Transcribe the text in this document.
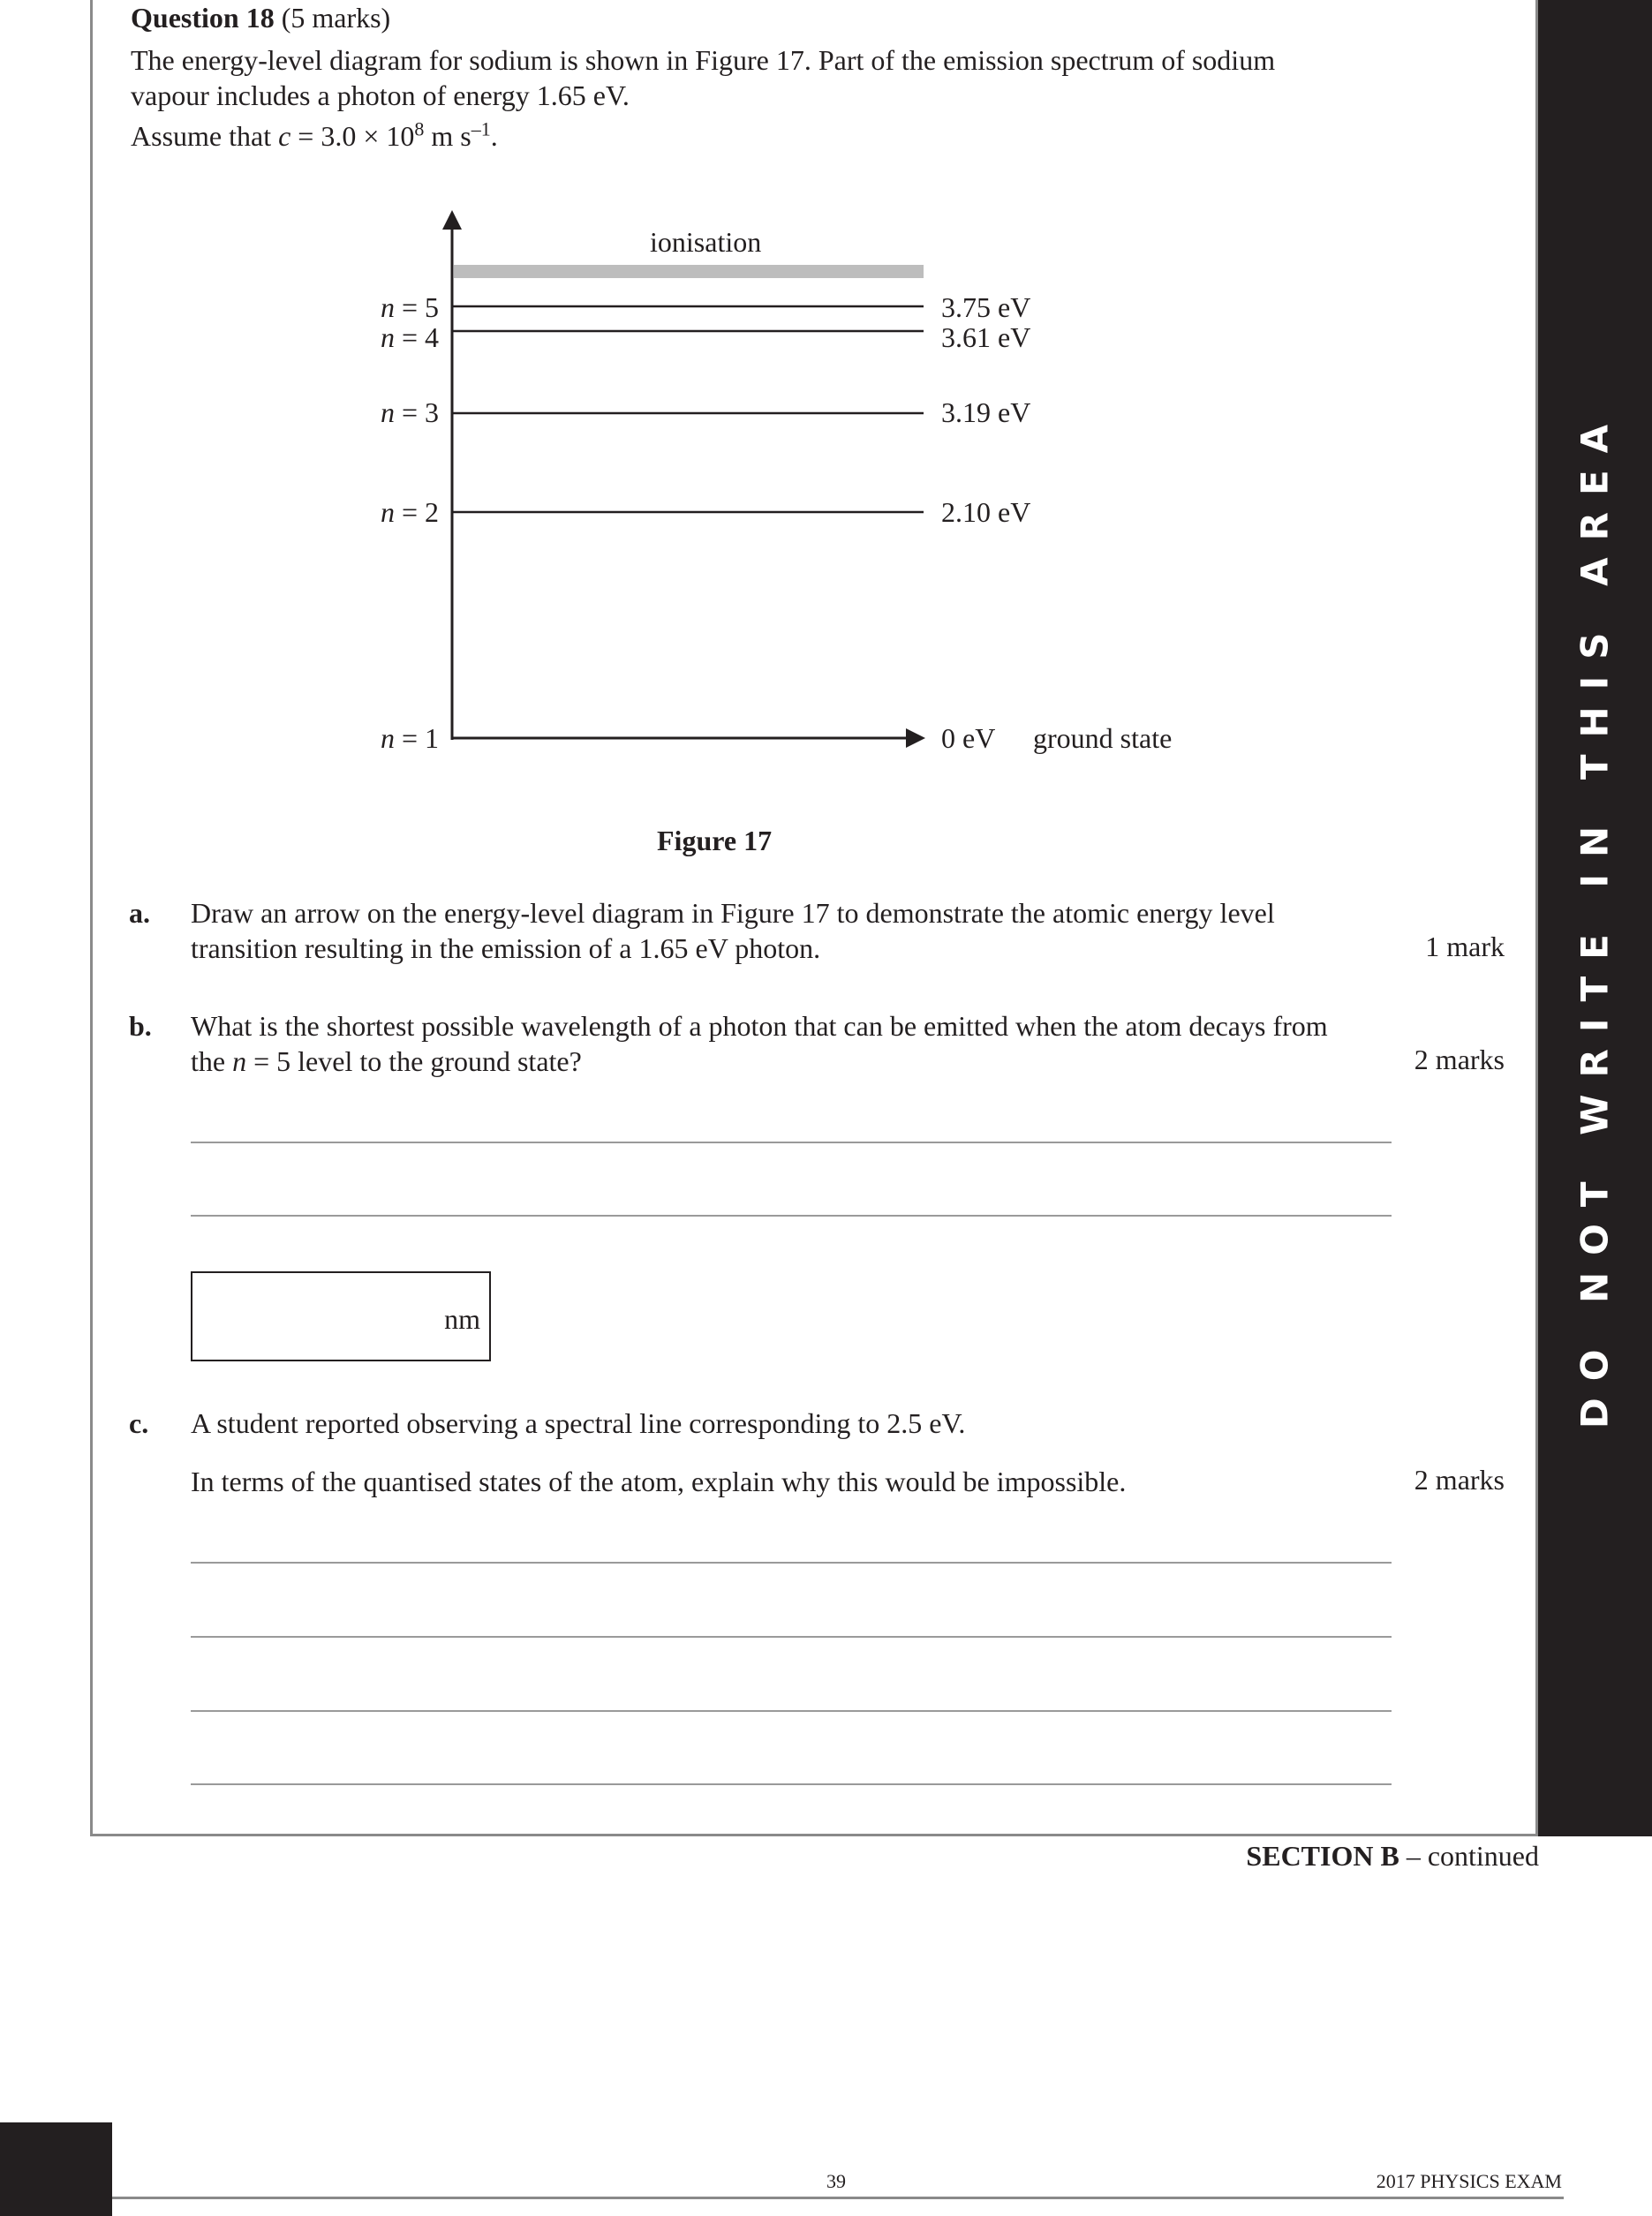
DO NOT WRITE IN THIS AREA
Question 18 (5 marks)
The energy-level diagram for sodium is shown in Figure 17. Part of the emission spectrum of sodium
vapour includes a photon of energy 1.65 eV.
Assume that $c = 3.0 \times 10^8$ m $s^{-1}$.
ionisation
n = 5
n = 4
n = 3
n = 2
n = 1
3.75 eV
3.61 eV
3.19 eV
2.10 eV
0 eV ground state
Figure 17
a. Draw an arrow on the energy-level diagram in Figure 17 to demonstrate the atomic energy level
transition resulting in the emission of a 1.65 eV photon.	1 mark
b. What is the shortest possible wavelength of a photon that can be emitted when the atom decays from
the n = 5 level to the ground state?	2 marks
nm
c. A student reported observing a spectral line corresponding to 2.5 eV.
In terms of the quantised states of the atom, explain why this would be impossible.	2 marks
SECTION B – continued
39	2017 PHYSICS EXAM
